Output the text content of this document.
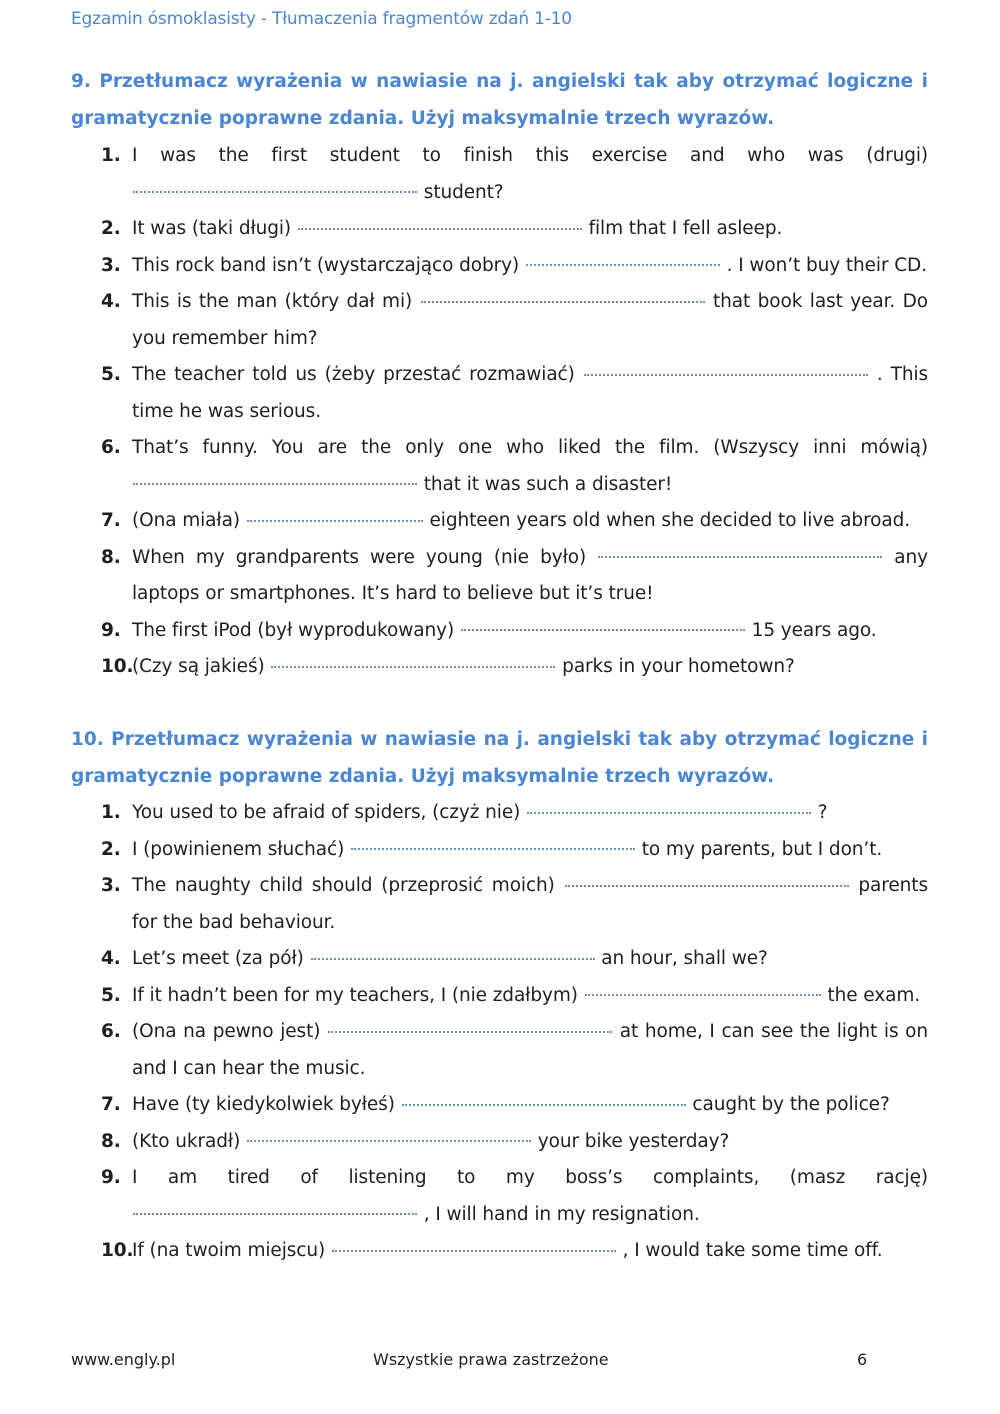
Egzamin ósmoklasisty - Tłumaczenia fragmentów zdań 1-10
9. Przetłumacz wyrażenia w nawiasie na j. angielski tak aby otrzymać logiczne i gramatycznie poprawne zdania. Użyj maksymalnie trzech wyrazów.
1. I was the first student to finish this exercise and who was (drugi)  student?
2. It was (taki długi)	film that I fell asleep.
3. This rock band isn’t (wystarczająco dobry)	. I won’t buy their CD.
4. This is the man (który dał mi)	that book last year. Do you remember him?
5. The teacher told us (żeby przestać rozmawiać)	. This time he was serious.
6. That’s funny. You are the only one who liked the film. (Wszyscy inni mówią)  that it was such a disaster!
7. (Ona miała)	eighteen years old when she decided to live abroad.
8. When my grandparents were young (nie było)	any laptops or smartphones. It’s hard to believe but it’s true!
9. The first iPod (był wyprodukowany)	15 years ago.
10.
(Czy są jakieś)	parks in your hometown?
10. Przetłumacz wyrażenia w nawiasie na j. angielski tak aby otrzymać logiczne i gramatycznie poprawne zdania. Użyj maksymalnie trzech wyrazów.
1. You used to be afraid of spiders, (czyż nie)	?
2. I (powinienem słuchać)	to my parents, but I don’t.
3. The naughty child should (przeprosić moich)	parents for the bad behaviour.
4. Let’s meet (za pół)	an hour, shall we?
5. If it hadn’t been for my teachers, I (nie zdałbym)	the exam.
6. (Ona na pewno jest)	at home, I can see the light is on and I can hear the music.
7. Have (ty kiedykolwiek byłeś)	caught by the police?
8. (Kto ukradł)	your bike yesterday?
9. I am tired of listening to my boss’s complaints, (masz rację)  , I will hand in my resignation.
10.
If (na twoim miejscu)	, I would take some time off.
www.engly.pl	Wszystkie prawa zastrzeżone	6
